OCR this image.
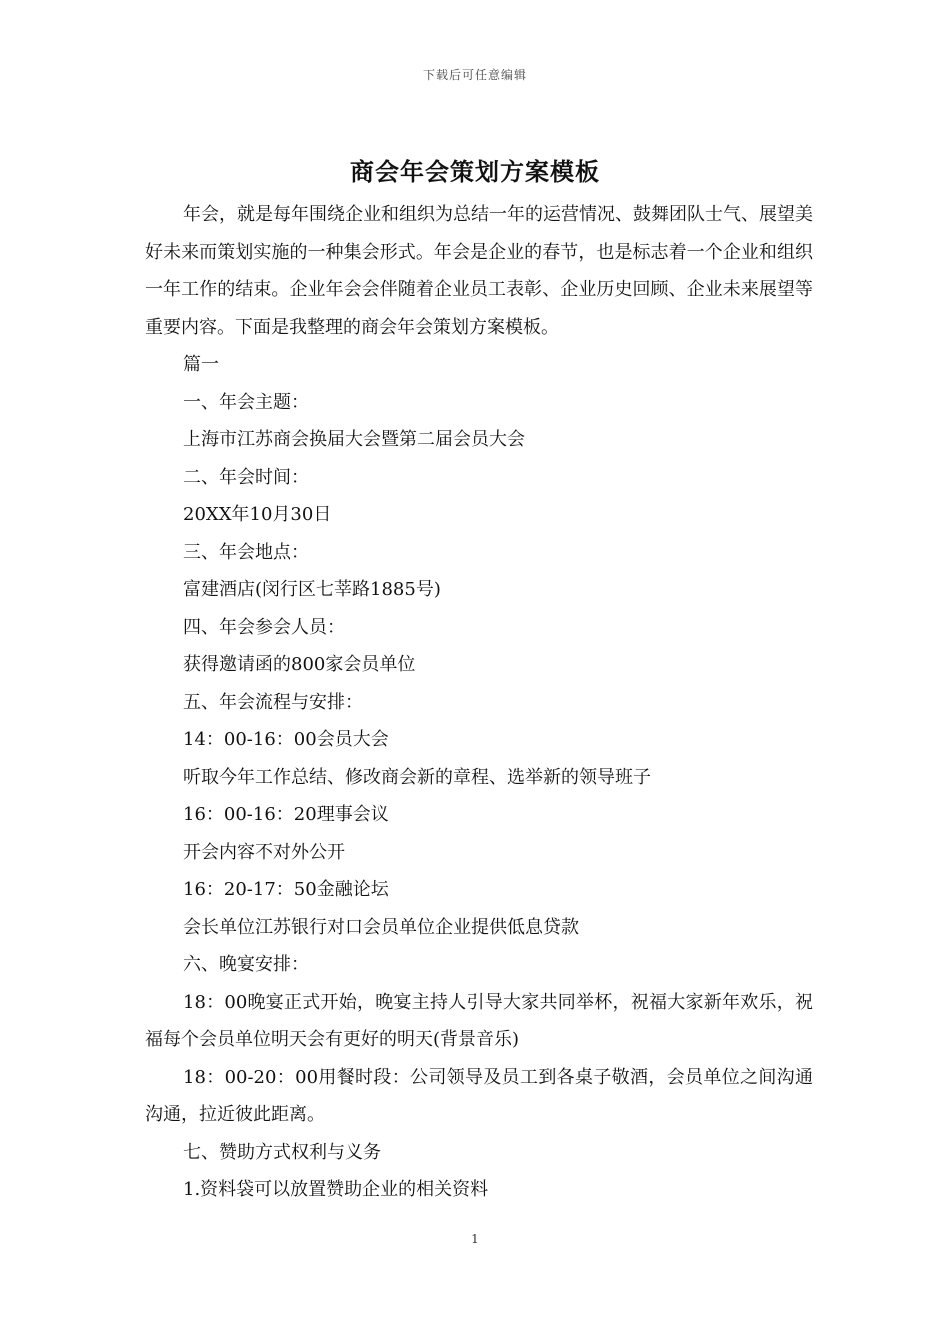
下载后可任意编辑
商会年会策划方案模板

年会，就是每年围绕企业和组织为总结一年的运营情况、鼓舞团队士气、展望美好未来而策划实施的一种集会形式。年会是企业的春节，也是标志着一个企业和组织一年工作的结束。企业年会会伴随着企业员工表彰、企业历史回顾、企业未来展望等重要内容。下面是我整理的商会年会策划方案模板。

篇一

一、年会主题：

上海市江苏商会换届大会暨第二届会员大会

二、年会时间：

20XX年10月30日

三、年会地点：

富建酒店(闵行区七莘路1885号)

四、年会参会人员：

获得邀请函的800家会员单位

五、年会流程与安排：

14：00-16：00会员大会

听取今年工作总结、修改商会新的章程、选举新的领导班子

16：00-16：20理事会议

开会内容不对外公开

16：20-17：50金融论坛

会长单位江苏银行对口会员单位企业提供低息贷款

六、晚宴安排：

18：00晚宴正式开始，晚宴主持人引导大家共同举杯，祝福大家新年欢乐，祝福每个会员单位明天会有更好的明天(背景音乐)

18：00-20：00用餐时段：公司领导及员工到各桌子敬酒，会员单位之间沟通沟通，拉近彼此距离。

七、赞助方式权利与义务

1.资料袋可以放置赞助企业的相关资料

1
